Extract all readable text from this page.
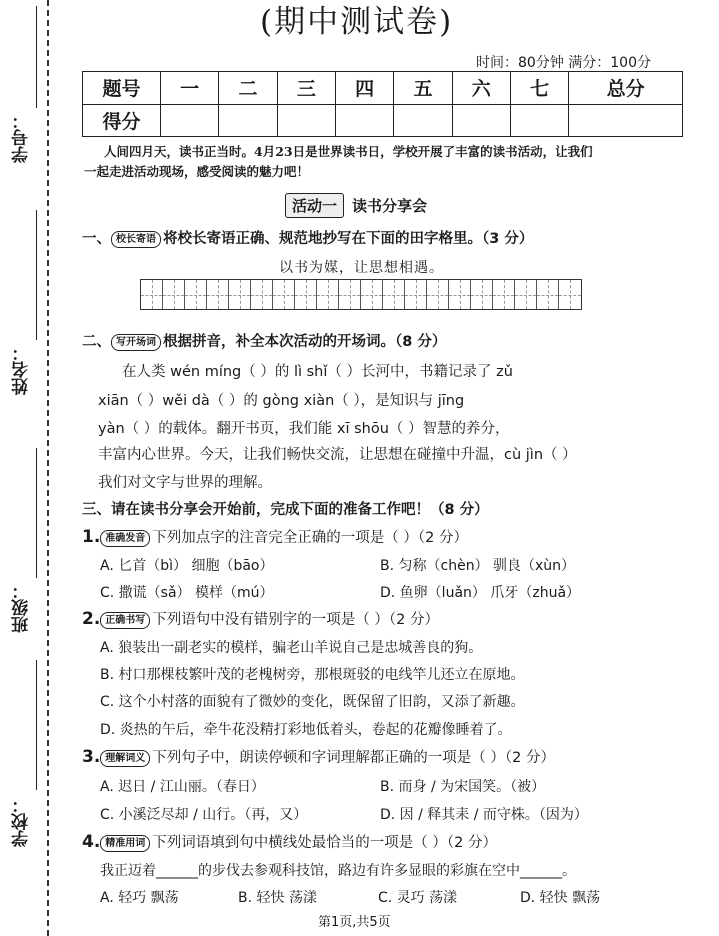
学号：
姓名：
班级：
学校：
(期中测试卷)
时间：80分钟 满分：100分
题号	一	二	三	四	五	六	七	总分
得分								
人间四月天，读书正当时。4月23日是世界读书日，学校开展了丰富的读书活动，让我们
一起走进活动现场，感受阅读的魅力吧！
活动一 读书分享会
一、 校长寄语 将校长寄语正确、规范地抄写在下面的田字格里。（3 分）
以书为媒，让思想相遇。
二、 写开场词 根据拼音，补全本次活动的开场词。（8 分）
在人类 wén míng（ ）的 lì shǐ（ ）长河中，书籍记录了 zǔ
xiān（ ）wěi dà（ ）的 gòng xiàn（ ），是知识与 jīng
yàn（ ）的载体。翻开书页，我们能 xī shōu（ ）智慧的养分，
丰富内心世界。今天，让我们畅快交流，让思想在碰撞中升温，cù jìn（ ）
我们对文字与世界的理解。
三、请在读书分享会开始前，完成下面的准备工作吧！（8 分）
1. 准确发音 下列加点字的注音完全正确的一项是（ ）（2 分）
A. 匕首（bì） 细胞（bāo）	B. 匀称（chèn） 驯良（xùn）
C. 撒谎（sǎ） 模样（mú）	D. 鱼卵（luǎn） 爪牙（zhuǎ）
2. 正确书写 下列语句中没有错别字的一项是（ ）（2 分）
A. 狼装出一副老实的模样，骗老山羊说自己是忠城善良的狗。
B. 村口那棵枝繁叶茂的老槐树旁，那根斑驳的电线竿儿还立在原地。
C. 这个小村落的面貌有了微妙的变化，既保留了旧韵，又添了新趣。
D. 炎热的午后，牵牛花没精打彩地低着头，卷起的花瓣像睡着了。
3. 理解词义 下列句子中，朗读停顿和字词理解都正确的一项是（ ）（2 分）
A. 迟日 / 江山丽。（春日）	B. 而身 / 为宋国笑。（被）
C. 小溪泛尽却 / 山行。（再，又）	D. 因 / 释其耒 / 而守株。（因为）
4. 精准用词 下列词语填到句中横线处最恰当的一项是（ ）（2 分）
我正迈着______的步伐去参观科技馆，路边有许多显眼的彩旗在空中______。
A. 轻巧 飘荡	B. 轻快 荡漾	C. 灵巧 荡漾	D. 轻快 飘荡
第1页,共5页
